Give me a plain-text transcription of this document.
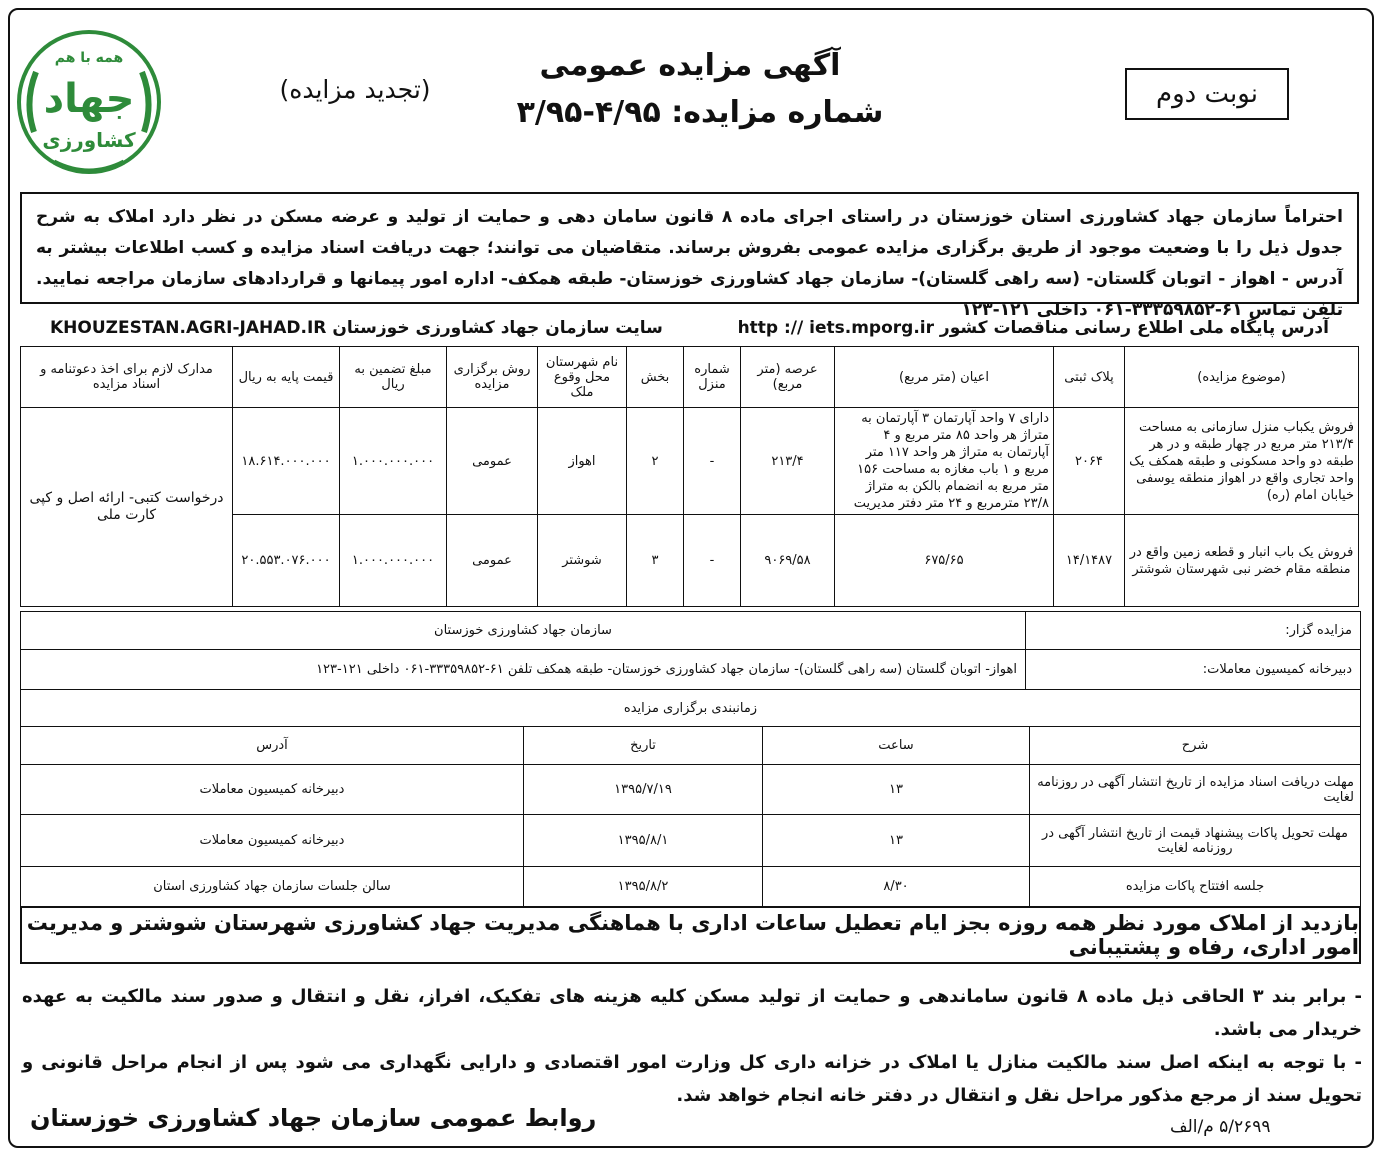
همه با هم
جهاد
کشاورزی
آگهی مزایده عمومی
شماره مزایده: ۴/۹۵-۳/۹۵
(تجدید مزایده)	نوبت دوم
احتراماً سازمان جهاد کشاورزی استان خوزستان در راستای اجرای ماده ۸ قانون سامان دهی و حمایت از تولید و عرضه مسکن در نظر دارد املاک به شرح جدول ذیل را با وضعیت موجود از طریق برگزاری مزایده عمومی بفروش برساند. متقاضیان می توانند؛ جهت دریافت اسناد مزایده و کسب اطلاعات بیشتر به آدرس - اهواز - اتوبان گلستان- (سه راهی گلستان)- سازمان جهاد کشاورزی خوزستان- طبقه همکف- اداره امور پیمانها و قراردادهای سازمان مراجعه نمایید. تلفن تماس ۶۱-۳۳۳۵۹۸۵۲-۰۶۱ داخلی ۱۲۱-۱۲۳
آدرس پایگاه ملی اطلاع رسانی مناقصات کشور http :// iets.mporg.ir
سایت سازمان جهاد کشاورزی خوزستان KHOUZESTAN.AGRI-JAHAD.IR
(موضوع مزایده)	پلاک ثبتی	اعیان (متر مربع)	عرصه (متر مربع)	شماره منزل	بخش	نام شهرستان محل وقوع ملک	روش برگزاری مزایده	مبلغ تضمین به ریال	قیمت پایه به ریال	مدارک لازم برای اخذ دعوتنامه و اسناد مزایده
فروش یکباب منزل سازمانی به مساحت ۲۱۳/۴ متر مربع در چهار طبقه و در هر طبقه دو واحد مسکونی و طبقه همکف یک واحد تجاری واقع در اهواز منطقه یوسفی خیابان امام (ره)	۲۰۶۴	دارای ۷ واحد آپارتمان ۳ آپارتمان به متراژ هر واحد ۸۵ متر مربع و ۴ آپارتمان به متراژ هر واحد ۱۱۷ متر مربع و ۱ باب مغازه به مساحت ۱۵۶ متر مربع به انضمام بالکن به متراژ ۲۳/۸ مترمربع و ۲۴ متر دفتر مدیریت	۲۱۳/۴	-	۲	اهواز	عمومی	۱.۰۰۰.۰۰۰.۰۰۰	۱۸.۶۱۴.۰۰۰.۰۰۰	درخواست کتبی- ارائه اصل و کپی کارت ملی
فروش یک باب انبار و قطعه زمین واقع در منطقه مقام خضر نبی شهرستان شوشتر	۱۴/۱۴۸۷	۶۷۵/۶۵	۹۰۶۹/۵۸	-	۳	شوشتر	عمومی	۱.۰۰۰.۰۰۰.۰۰۰	۲۰.۵۵۳.۰۷۶.۰۰۰	
مزایده گزار:	سازمان جهاد کشاورزی خوزستان
دبیرخانه کمیسیون معاملات:	اهواز- اتوبان گلستان (سه راهی گلستان)- سازمان جهاد کشاورزی خوزستان- طبقه همکف تلفن ۶۱-۳۳۳۵۹۸۵۲-۰۶۱ داخلی ۱۲۱-۱۲۳
زمانبندی برگزاری مزایده	
شرح	ساعت	تاریخ	آدرس
مهلت دریافت اسناد مزایده از تاریخ انتشار آگهی در روزنامه لغایت	۱۳	۱۳۹۵/۷/۱۹	دبیرخانه کمیسیون معاملات
مهلت تحویل پاکات پیشنهاد قیمت از تاریخ انتشار آگهی در روزنامه لغایت	۱۳	۱۳۹۵/۸/۱	دبیرخانه کمیسیون معاملات
جلسه افتتاح پاکات مزایده	۸/۳۰	۱۳۹۵/۸/۲	سالن جلسات سازمان جهاد کشاورزی استان
بازدید از املاک مورد نظر همه روزه بجز ایام تعطیل ساعات اداری با هماهنگی مدیریت جهاد کشاورزی شهرستان شوشتر و مدیریت امور اداری، رفاه و پشتیبانی

- برابر بند ۳ الحاقی ذیل ماده ۸ قانون ساماندهی و حمایت از تولید مسکن کلیه هزینه های تفکیک، افراز، نقل و انتقال و صدور سند مالکیت به عهده خریدار می باشد.

- با توجه به اینکه اصل سند مالکیت منازل یا املاک در خزانه داری کل وزارت امور اقتصادی و دارایی نگهداری می شود پس از انجام مراحل قانونی و تحویل سند از مرجع مذکور مراحل نقل و انتقال در دفتر خانه انجام خواهد شد.

روابط عمومی سازمان جهاد کشاورزی خوزستان	۵/۲۶۹۹ م/الف
